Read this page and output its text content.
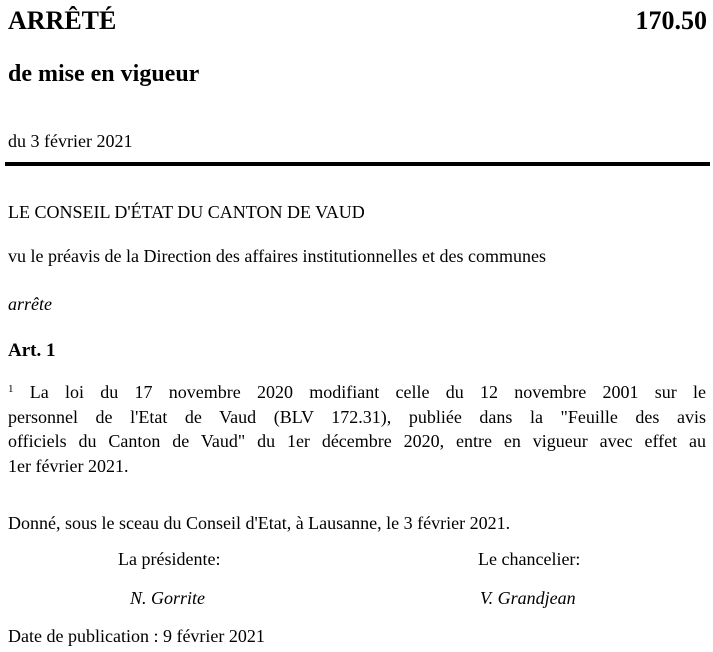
ARRÊTÉ	170.50
de mise en vigueur
du 3 février 2021
LE CONSEIL D'ÉTAT DU CANTON DE VAUD
vu le préavis de la Direction des affaires institutionnelles et des communes
arrête
Art. 1
$^1$ La loi du 17 novembre 2020 modifiant celle du 12 novembre 2001 sur le
personnel de l'Etat de Vaud (BLV 172.31), publiée dans la "Feuille des avis
officiels du Canton de Vaud" du 1er décembre 2020, entre en vigueur avec effet au
1er février 2021.
Donné, sous le sceau du Conseil d'Etat, à Lausanne, le 3 février 2021.
La présidente:	Le chancelier:
N. Gorrite	V. Grandjean
Date de publication : 9 février 2021
